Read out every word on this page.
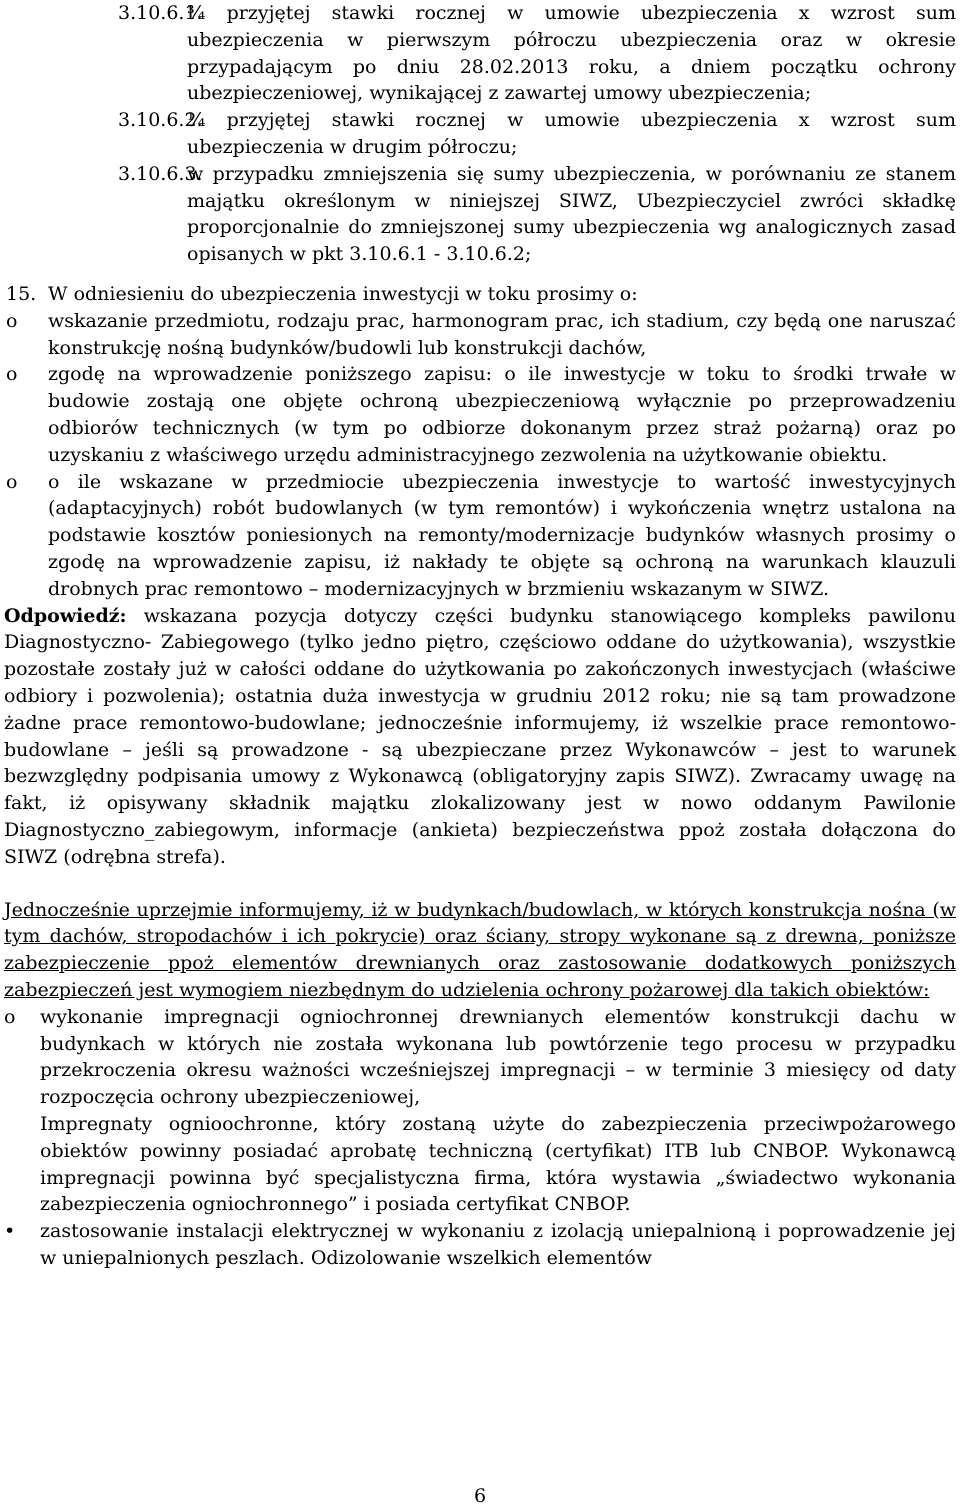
3.10.6.1.
¾ przyjętej stawki rocznej w umowie ubezpieczenia x wzrost sum ubezpieczenia w pierwszym półroczu ubezpieczenia oraz w okresie przypadającym po dniu 28.02.2013 roku, a dniem początku ochrony ubezpieczeniowej, wynikającej z zawartej umowy ubezpieczenia;
3.10.6.2.
¼ przyjętej stawki rocznej w umowie ubezpieczenia x wzrost sum ubezpieczenia w drugim półroczu;
3.10.6.3.
w przypadku zmniejszenia się sumy ubezpieczenia, w porównaniu ze stanem majątku określonym w niniejszej SIWZ, Ubezpieczyciel zwróci składkę proporcjonalnie do zmniejszonej sumy ubezpieczenia wg analogicznych zasad opisanych w pkt 3.10.6.1 - 3.10.6.2;
15. W odniesieniu do ubezpieczenia inwestycji w toku prosimy o:
o wskazanie przedmiotu, rodzaju prac, harmonogram prac, ich stadium, czy będą one naruszać konstrukcję nośną budynków/budowli lub konstrukcji dachów,
o zgodę na wprowadzenie poniższego zapisu: o ile inwestycje w toku to środki trwałe w budowie zostają one objęte ochroną ubezpieczeniową wyłącznie po przeprowadzeniu odbiorów technicznych (w tym po odbiorze dokonanym przez straż pożarną) oraz po uzyskaniu z właściwego urzędu administracyjnego zezwolenia na użytkowanie obiektu.
o o ile wskazane w przedmiocie ubezpieczenia inwestycje to wartość inwestycyjnych (adaptacyjnych) robót budowlanych (w tym remontów) i wykończenia wnętrz ustalona na podstawie kosztów poniesionych na remonty/modernizacje budynków własnych prosimy o zgodę na wprowadzenie zapisu, iż nakłady te objęte są ochroną na warunkach klauzuli drobnych prac remontowo – modernizacyjnych w brzmieniu wskazanym w SIWZ.
Odpowiedź: wskazana pozycja dotyczy części budynku stanowiącego kompleks pawilonu Diagnostyczno- Zabiegowego (tylko jedno piętro, częściowo oddane do użytkowania), wszystkie pozostałe zostały już w całości oddane do użytkowania po zakończonych inwestycjach (właściwe odbiory i pozwolenia); ostatnia duża inwestycja w grudniu 2012 roku; nie są tam prowadzone żadne prace remontowo-budowlane; jednocześnie informujemy, iż wszelkie prace remontowo-budowlane – jeśli są prowadzone - są ubezpieczane przez Wykonawców – jest to warunek bezwzględny podpisania umowy z Wykonawcą (obligatoryjny zapis SIWZ). Zwracamy uwagę na fakt, iż opisywany składnik majątku zlokalizowany jest w nowo oddanym Pawilonie Diagnostyczno_zabiegowym, informacje (ankieta) bezpieczeństwa ppoż została dołączona do SIWZ (odrębna strefa).
Jednocześnie uprzejmie informujemy, iż w budynkach/budowlach, w których konstrukcja nośna (w tym dachów, stropodachów i ich pokrycie) oraz ściany, stropy wykonane są z drewna, poniższe zabezpieczenie ppoż elementów drewnianych oraz zastosowanie dodatkowych poniższych zabezpieczeń jest wymogiem niezbędnym do udzielenia ochrony pożarowej dla takich obiektów:
o wykonanie impregnacji ogniochronnej drewnianych elementów konstrukcji dachu w budynkach w których nie została wykonana lub powtórzenie tego procesu w przypadku przekroczenia okresu ważności wcześniejszej impregnacji – w terminie 3 miesięcy od daty rozpoczęcia ochrony ubezpieczeniowej,
Impregnaty ognioochronne, który zostaną użyte do zabezpieczenia przeciwpożarowego obiektów powinny posiadać aprobatę techniczną (certyfikat) ITB lub CNBOP. Wykonawcą impregnacji powinna być specjalistyczna firma, która wystawia „świadectwo wykonania zabezpieczenia ogniochronnego” i posiada certyfikat CNBOP.
• zastosowanie instalacji elektrycznej w wykonaniu z izolacją uniepalnioną i poprowadzenie jej w uniepalnionych peszlach. Odizolowanie wszelkich elementów
6
